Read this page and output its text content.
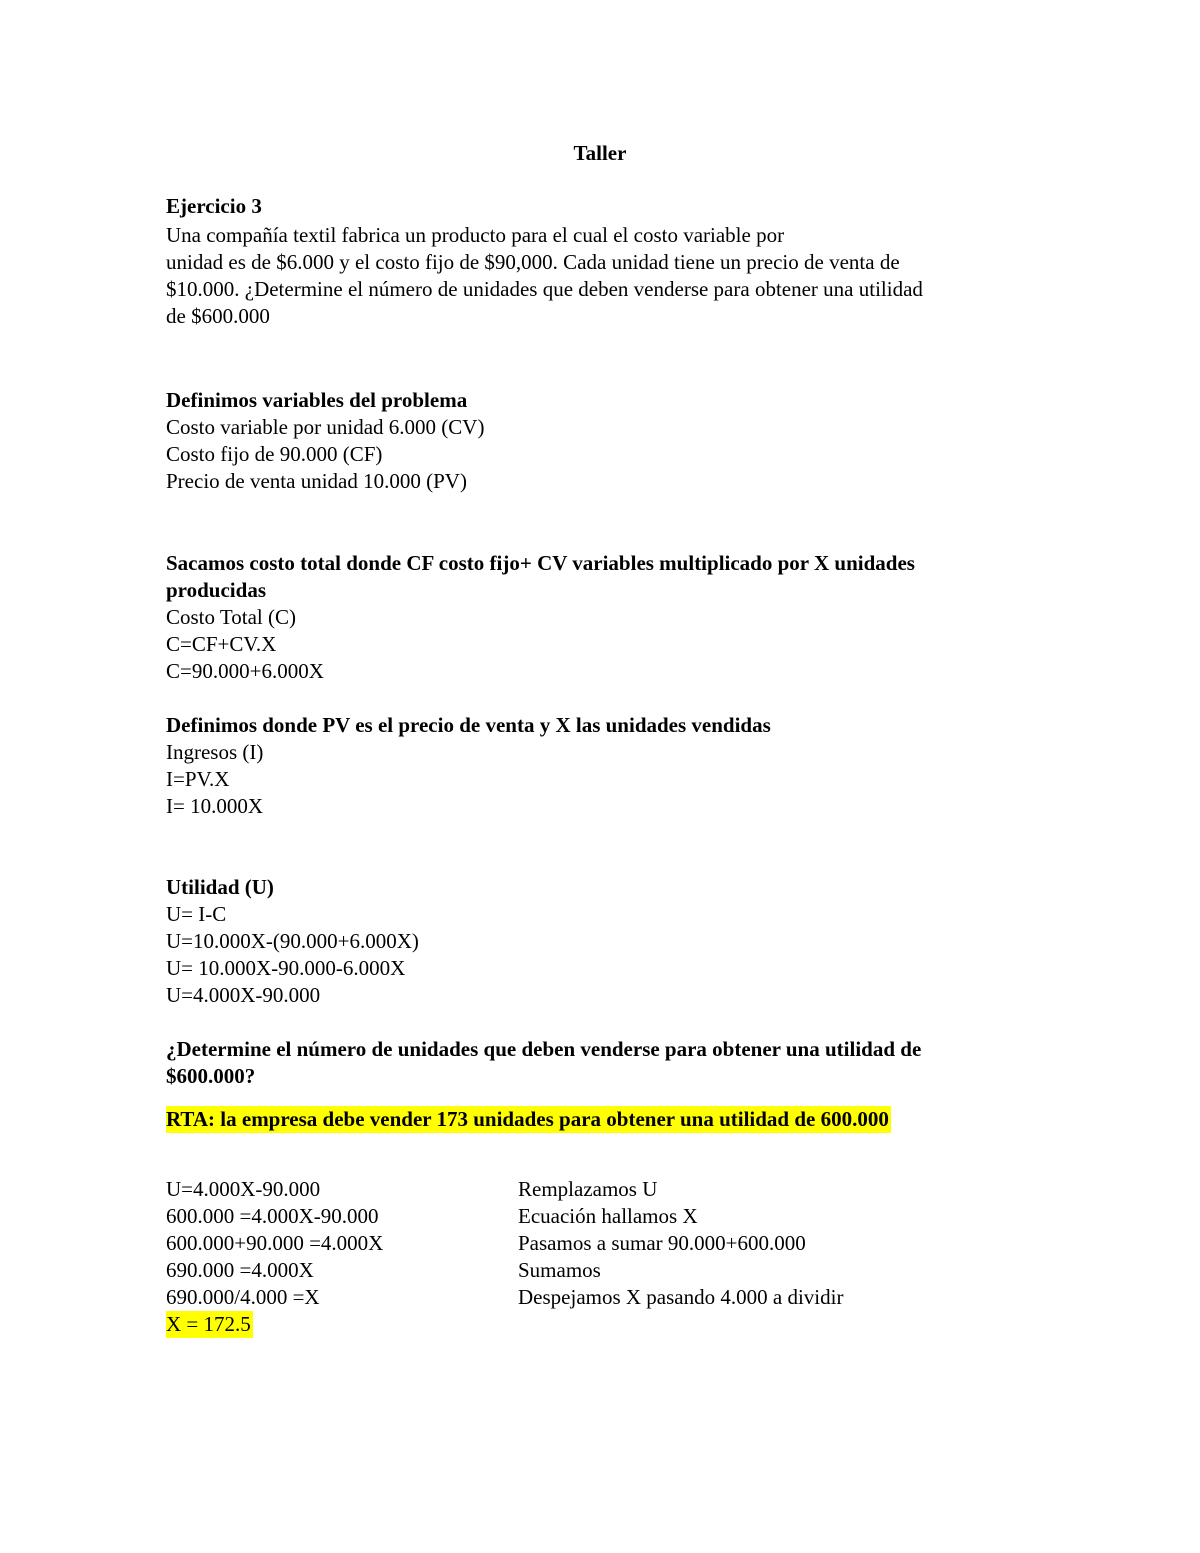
Taller

Ejercicio 3

Una compañía textil fabrica un producto para el cual el costo variable por

unidad es de $6.000 y el costo fijo de $90,000. Cada unidad tiene un precio de venta de

$10.000. ¿Determine el número de unidades que deben venderse para obtener una utilidad

de $600.000

Definimos variables del problema

Costo variable por unidad 6.000 (CV)

Costo fijo de 90.000 (CF)

Precio de venta unidad 10.000 (PV)

Sacamos costo total donde CF costo fijo+ CV variables multiplicado por X unidades

producidas

Costo Total (C)

C=CF+CV.X

C=90.000+6.000X

Definimos donde PV es el precio de venta y X las unidades vendidas

Ingresos (I)

I=PV.X

I= 10.000X

Utilidad (U)

U= I-C

U=10.000X-(90.000+6.000X)

U= 10.000X-90.000-6.000X

U=4.000X-90.000

¿Determine el número de unidades que deben venderse para obtener una utilidad de

$600.000?

RTA: la empresa debe vender 173 unidades para obtener una utilidad de 600.000

U=4.000X-90.000	Remplazamos U

600.000 =4.000X-90.000	Ecuación hallamos X

600.000+90.000 =4.000X	Pasamos a sumar 90.000+600.000

690.000 =4.000X	Sumamos

690.000/4.000 =X	Despejamos X pasando 4.000 a dividir

X = 172.5
